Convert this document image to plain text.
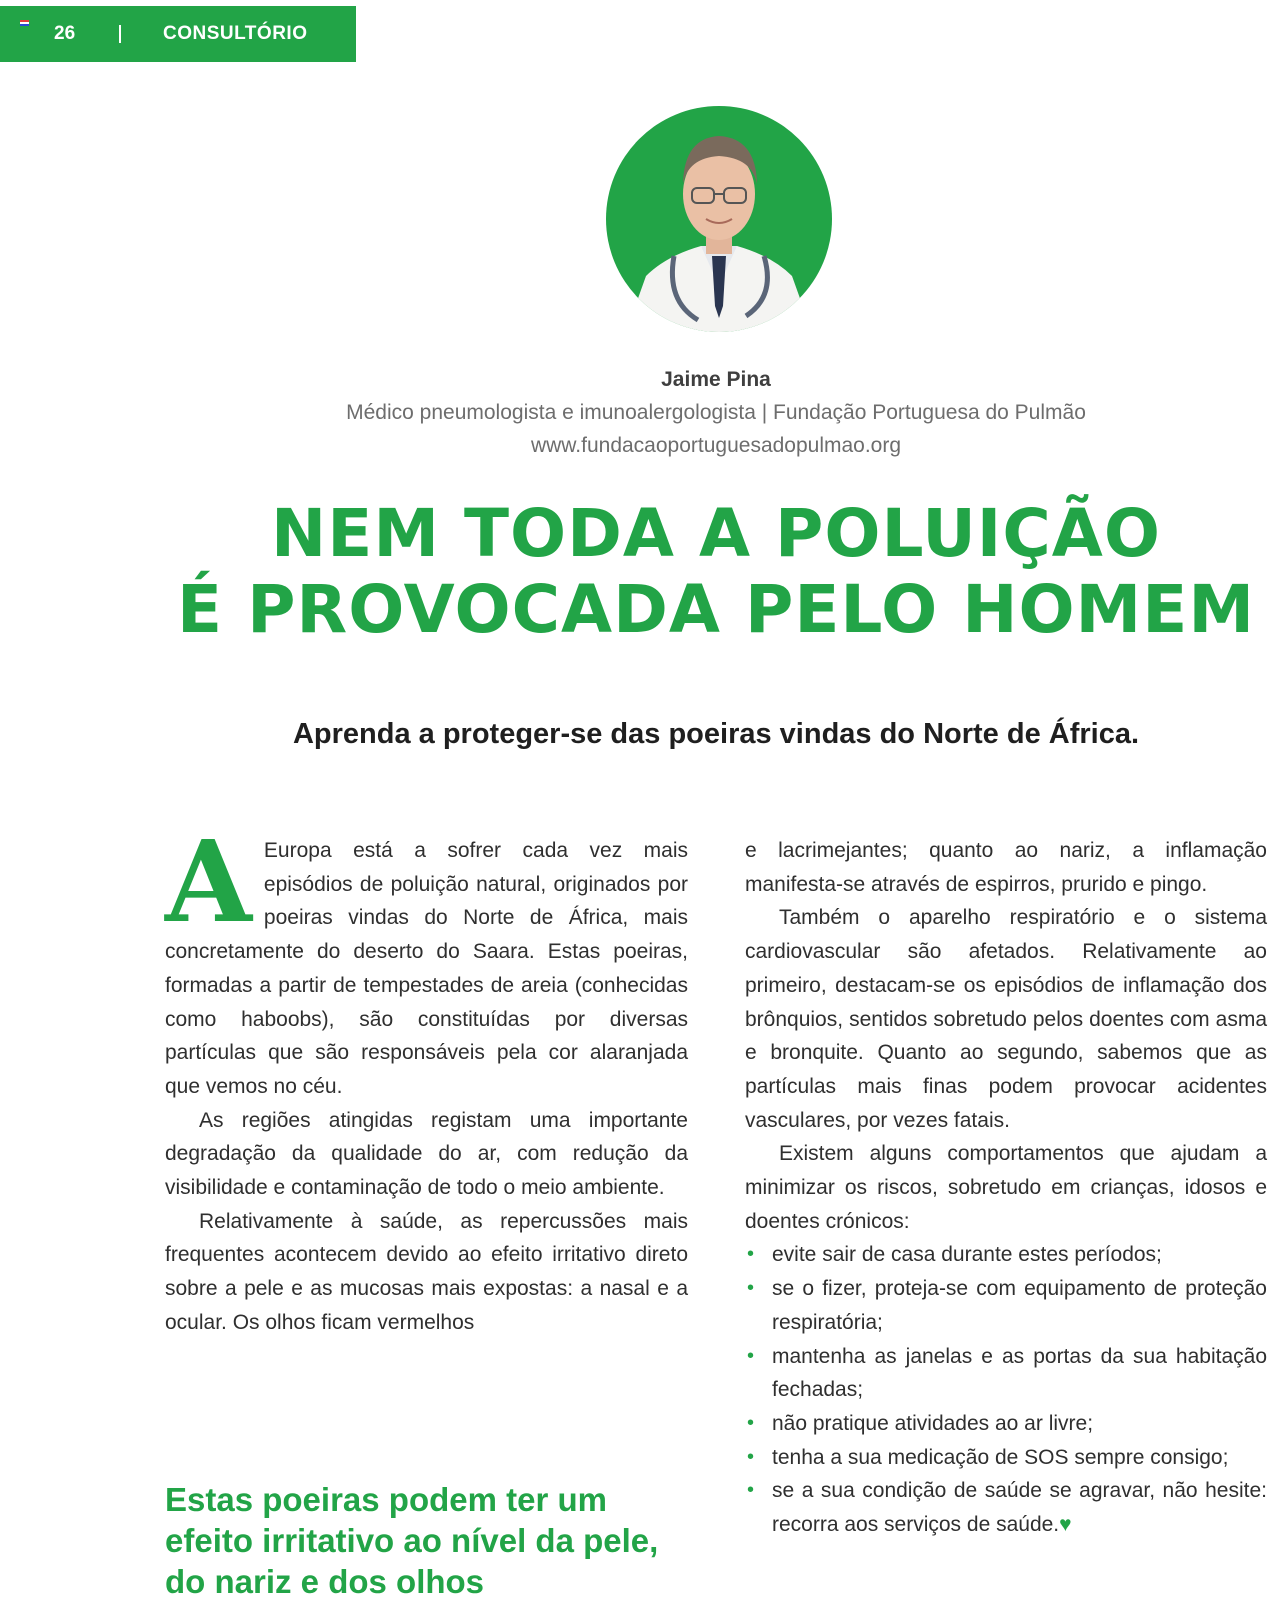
26	CONSULTÓRIO
Jaime Pina
Médico pneumologista e imunoalergologista | Fundação Portuguesa do Pulmão
www.fundacaoportuguesadopulmao.org
NEM TODA A POLUIÇÃO
É PROVOCADA PELO HOMEM
Aprenda a proteger-se das poeiras vindas do Norte de África.

A Europa está a sofrer cada vez mais episódios de poluição natural, originados por poeiras vindas do Norte de África, mais concretamente do deserto do Saara. Estas poeiras, formadas a partir de tempestades de areia (conhecidas como haboobs), são constituídas por diversas partículas que são responsáveis pela cor alaranjada que vemos no céu.

As regiões atingidas registam uma importante degradação da qualidade do ar, com redução da visibilidade e contaminação de todo o meio ambiente.

Relativamente à saúde, as repercussões mais frequentes acontecem devido ao efeito irritativo direto sobre a pele e as mucosas mais expostas: a nasal e a ocular. Os olhos ficam vermelhos

e lacrimejantes; quanto ao nariz, a inflamação manifesta-se através de espirros, prurido e pingo.

Também o aparelho respiratório e o sistema cardiovascular são afetados. Relativamente ao primeiro, destacam-se os episódios de inflamação dos brônquios, sentidos sobretudo pelos doentes com asma e bronquite. Quanto ao segundo, sabemos que as partículas mais finas podem provocar acidentes vasculares, por vezes fatais.

Existem alguns comportamentos que ajudam a minimizar os riscos, sobretudo em crianças, idosos e doentes crónicos:

• evite sair de casa durante estes períodos;
• se o fizer, proteja-se com equipamento de proteção respiratória;
• mantenha as janelas e as portas da sua habitação fechadas;
• não pratique atividades ao ar livre;
• tenha a sua medicação de SOS sempre consigo;
• se a sua condição de saúde se agravar, não hesite: recorra aos serviços de saúde.♥
Estas poeiras podem ter um efeito irritativo ao nível da pele, do nariz e dos olhos
